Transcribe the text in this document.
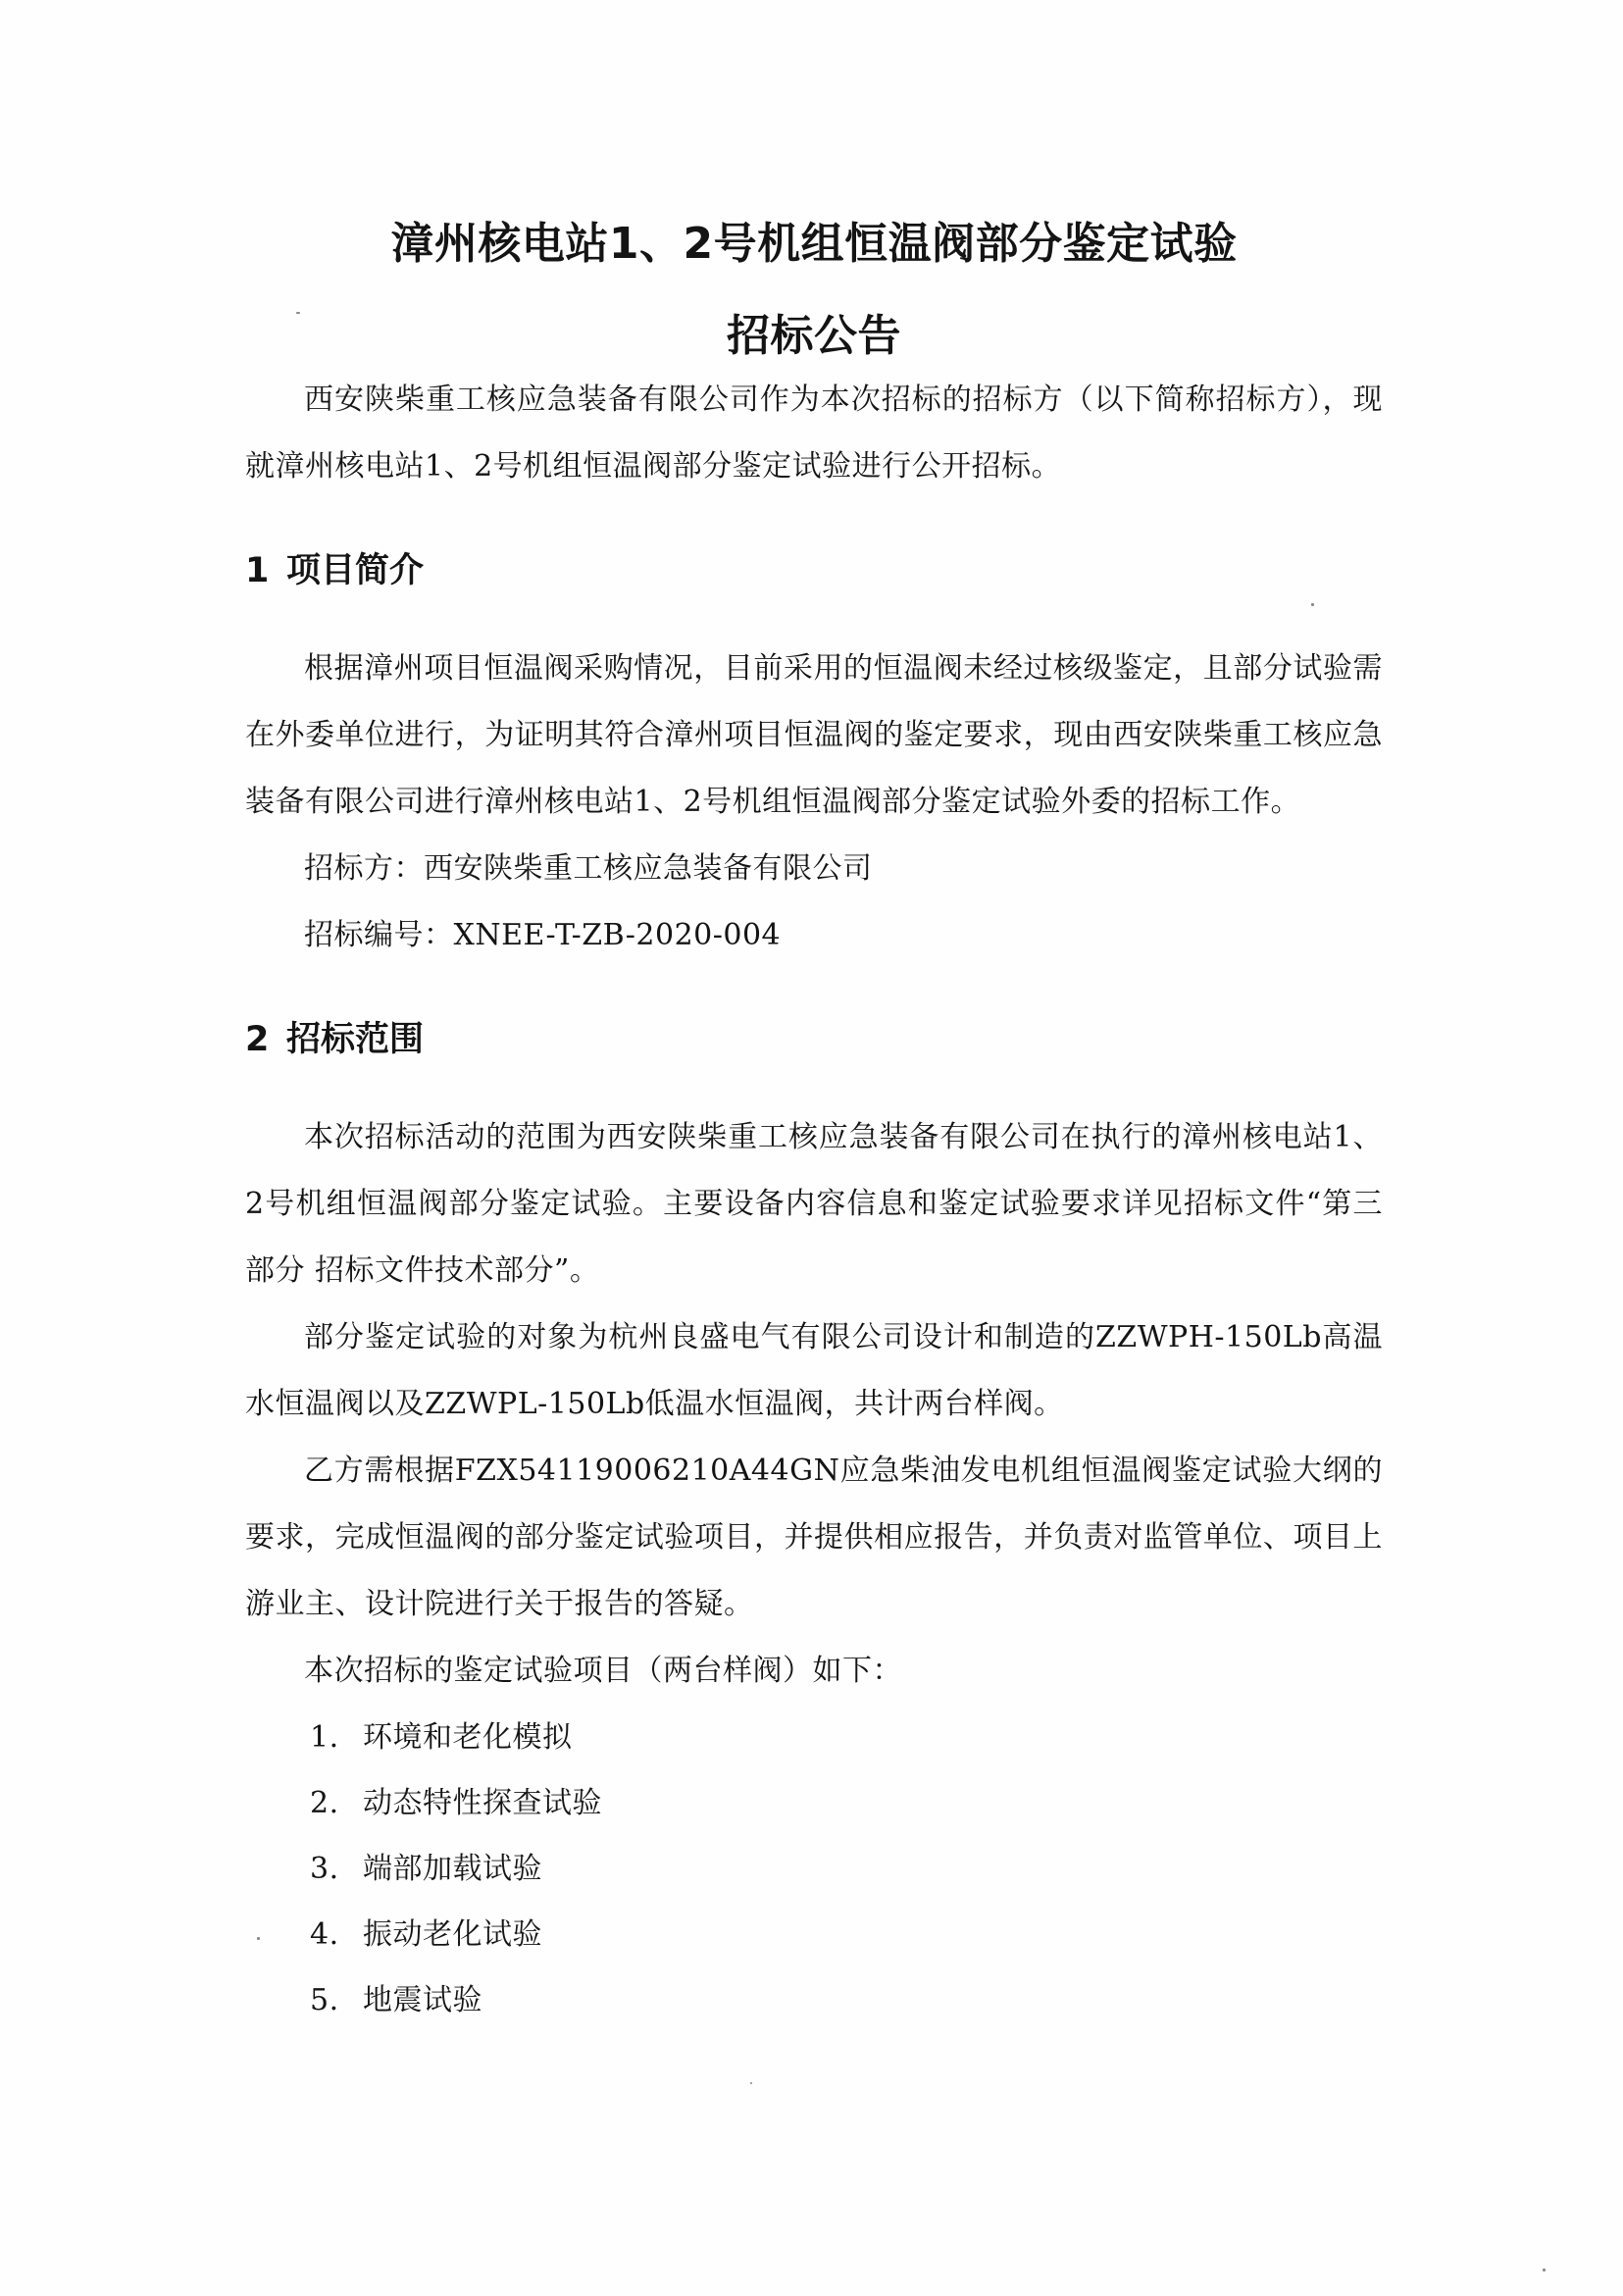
漳州核电站1、2号机组恒温阀部分鉴定试验
招标公告

西安陕柴重工核应急装备有限公司作为本次招标的招标方（以下简称招标方），现就漳州核电站1、2号机组恒温阀部分鉴定试验进行公开招标。

1 项目简介

根据漳州项目恒温阀采购情况，目前采用的恒温阀未经过核级鉴定，且部分试验需在外委单位进行，为证明其符合漳州项目恒温阀的鉴定要求，现由西安陕柴重工核应急装备有限公司进行漳州核电站1、2号机组恒温阀部分鉴定试验外委的招标工作。

招标方：西安陕柴重工核应急装备有限公司

招标编号：XNEE-T-ZB-2020-004

2 招标范围

本次招标活动的范围为西安陕柴重工核应急装备有限公司在执行的漳州核电站1、2号机组恒温阀部分鉴定试验。主要设备内容信息和鉴定试验要求详见招标文件“第三部分 招标文件技术部分”。

部分鉴定试验的对象为杭州良盛电气有限公司设计和制造的ZZWPH-150Lb高温水恒温阀以及ZZWPL-150Lb低温水恒温阀，共计两台样阀。

乙方需根据FZX54119006210A44GN应急柴油发电机组恒温阀鉴定试验大纲的要求，完成恒温阀的部分鉴定试验项目，并提供相应报告，并负责对监管单位、项目上游业主、设计院进行关于报告的答疑。

本次招标的鉴定试验项目（两台样阀）如下：

1. 环境和老化模拟
2. 动态特性探查试验
3. 端部加载试验
4. 振动老化试验
5. 地震试验
